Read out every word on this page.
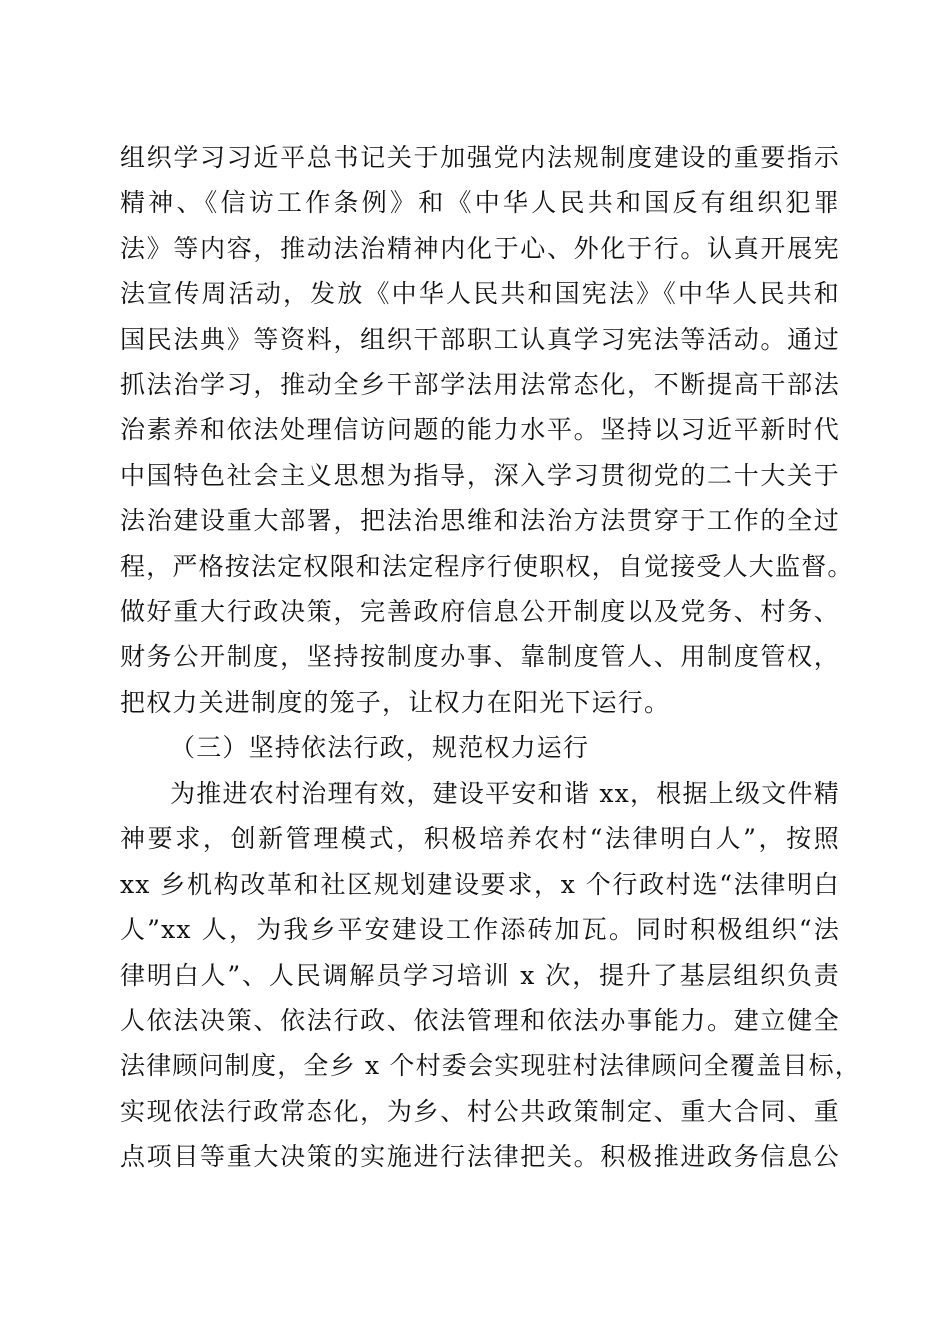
组织学习习近平总书记关于加强党内法规制度建设的重要指示
精神、《信访工作条例》和《中华人民共和国反有组织犯罪
法》等内容，推动法治精神内化于心、外化于行。认真开展宪
法宣传周活动，发放《中华人民共和国宪法》《中华人民共和
国民法典》等资料，组织干部职工认真学习宪法等活动。通过
抓法治学习，推动全乡干部学法用法常态化，不断提高干部法
治素养和依法处理信访问题的能力水平。坚持以习近平新时代
中国特色社会主义思想为指导，深入学习贯彻党的二十大关于
法治建设重大部署，把法治思维和法治方法贯穿于工作的全过
程，严格按法定权限和法定程序行使职权，自觉接受人大监督。
做好重大行政决策，完善政府信息公开制度以及党务、村务、
财务公开制度，坚持按制度办事、靠制度管人、用制度管权，
把权力关进制度的笼子，让权力在阳光下运行。
（三）坚持依法行政，规范权力运行
为推进农村治理有效，建设平安和谐 xx，根据上级文件精
神要求，创新管理模式，积极培养农村“法律明白人”，按照
xx 乡机构改革和社区规划建设要求，x 个行政村选“法律明白
人”xx 人，为我乡平安建设工作添砖加瓦。同时积极组织“法
律明白人”、人民调解员学习培训 x 次，提升了基层组织负责
人依法决策、依法行政、依法管理和依法办事能力。建立健全
法律顾问制度，全乡 x 个村委会实现驻村法律顾问全覆盖目标，
实现依法行政常态化，为乡、村公共政策制定、重大合同、重
点项目等重大决策的实施进行法律把关。积极推进政务信息公
